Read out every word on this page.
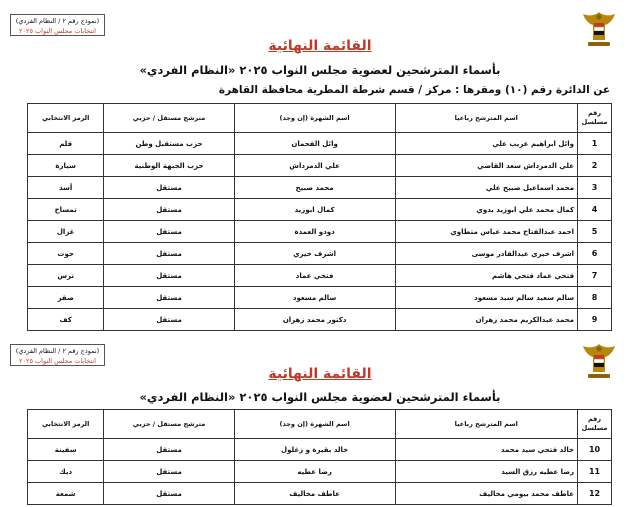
(نموذج رقم ٢ / النظام الفردي)
انتخابات مجلس النواب ٢٠٢٥
القائمة النهائية
بأسماء المترشحين لعضوية مجلس النواب ٢٠٢٥ «النظام الفردي»
عن الدائرة رقم (١٠) ومقرها : مركز / قسم شرطة المطرية محافظة القاهرة
رقم مسلسل	اسم المترشح رباعيا	اسم الشهرة (إن وجد)	مترشح مستقل / حزبي	الرمز الانتخابي
1	وائل ابراهيم غريب علي	وائل الفحمان	حزب مستقبل وطن	قلم
2	علي الدمرداش سعد القاضي	علي الدمرداش	حزب الجبهة الوطنية	سيارة
3	محمد اسماعيل صبيح علي	محمد صبيح	مستقل	أسد
4	كمال محمد علي ابوزيد بدوي	كمال ابوزيد	مستقل	تمساح
5	احمد عبدالفتاح محمد عباس متطاوي	دودو العمدة	مستقل	غزال
6	اشرف خيري عبدالقادر موسى	اشرف خيري	مستقل	حوت
7	فتحي عماد فتحي هاشم	فتحي عماد	مستقل	ترس
8	سالم سعيد سالم سيد مسعود	سالم مسعود	مستقل	صقر
9	محمد عبدالكريم محمد زهران	دكتور محمد زهران	مستقل	كف
(نموذج رقم ٢ / النظام الفردي)
انتخابات مجلس النواب ٢٠٢٥
القائمة النهائية
بأسماء المترشحين لعضوية مجلس النواب ٢٠٢٥ «النظام الفردي»
رقم مسلسل	اسم المترشح رباعيا	اسم الشهرة (إن وجد)	مترشح مستقل / حزبي	الرمز الانتخابي
10	خالد فتحي سيد محمد	خالد بقيرة و زغلول	مستقل	سفينة
11	رضا عطيه رزق السيد	رضا عطيه	مستقل	ديك
12	عاطف محمد بيومي مخاليف	عاطف مخاليف	مستقل	شمعة
